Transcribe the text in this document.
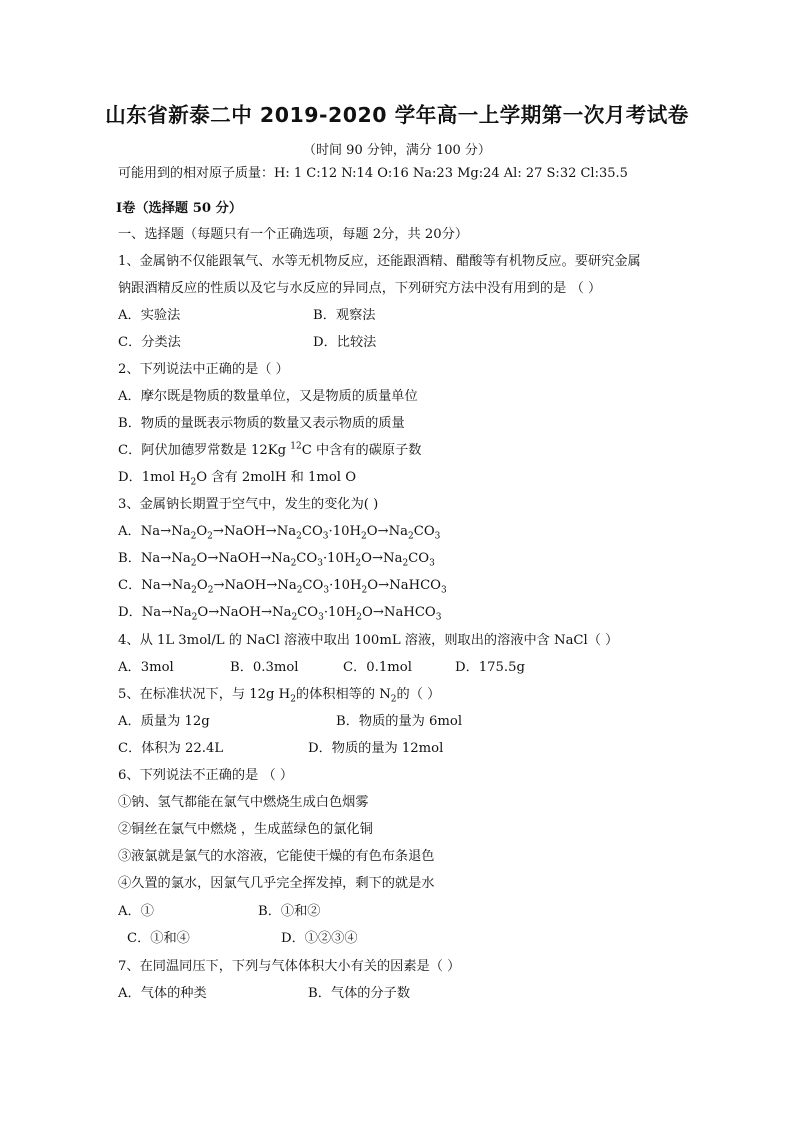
山东省新泰二中 2019-2020 学年高一上学期第一次月考试卷
（时间 90 分钟，满分 100 分）
可能用到的相对原子质量：H: 1 C:12 N:14 O:16 Na:23 Mg:24 Al: 27 S:32 Cl:35.5
Ⅰ卷（选择题 50 分）
一、选择题（每题只有一个正确选项，每题 2分，共 20分）
1、金属钠不仅能跟氧气、水等无机物反应，还能跟酒精、醋酸等有机物反应。要研究金属
钠跟酒精反应的性质以及它与水反应的异同点，下列研究方法中没有用到的是 （ ）
A．实验法	B．观察法
C．分类法	D．比较法
2、下列说法中正确的是（ ）
A．摩尔既是物质的数量单位，又是物质的质量单位
B．物质的量既表示物质的数量又表示物质的质量
C．阿伏加德罗常数是 12Kg $^{12}$C 中含有的碳原子数
D．1mol $H_2O$ 含有 2molH 和 1mol O
3、金属钠长期置于空气中，发生的变化为( )
A．$Na\to Na_2O_2\to NaOH\to Na_2CO_3\cdot 10H_2O\to Na_2CO_3$
B．$Na\to Na_2O\to NaOH\to Na_2CO_3\cdot 10H_2O\to Na_2CO_3$
C．$Na\to Na_2O_2\to NaOH\to Na_2CO_3\cdot 10H_2O\to NaHCO_3$
D．$Na\to Na_2O\to NaOH\to Na_2CO_3\cdot 10H_2O\to NaHCO_3$
4、从 1L 3mol/L 的 NaCl 溶液中取出 100mL 溶液，则取出的溶液中含 NaCl（ ）
A．3mol	B．0.3mol	C．0.1mol	D．175.5g
5、在标准状况下，与 12g $H_2$的体积相等的 $N_2$的（ ）
A．质量为 12g	B．物质的量为 6mol
C．体积为 22.4L	D．物质的量为 12mol
6、下列说法不正确的是 （ ）
①钠、氢气都能在氯气中燃烧生成白色烟雾
②铜丝在氯气中燃烧 ，生成蓝绿色的氯化铜
③液氯就是氯气的水溶液，它能使干燥的有色布条退色
④久置的氯水，因氯气几乎完全挥发掉，剩下的就是水
A．①	B．①和②
C．①和④	D．①②③④
7、在同温同压下，下列与气体体积大小有关的因素是（ ）
A．气体的种类	B．气体的分子数
